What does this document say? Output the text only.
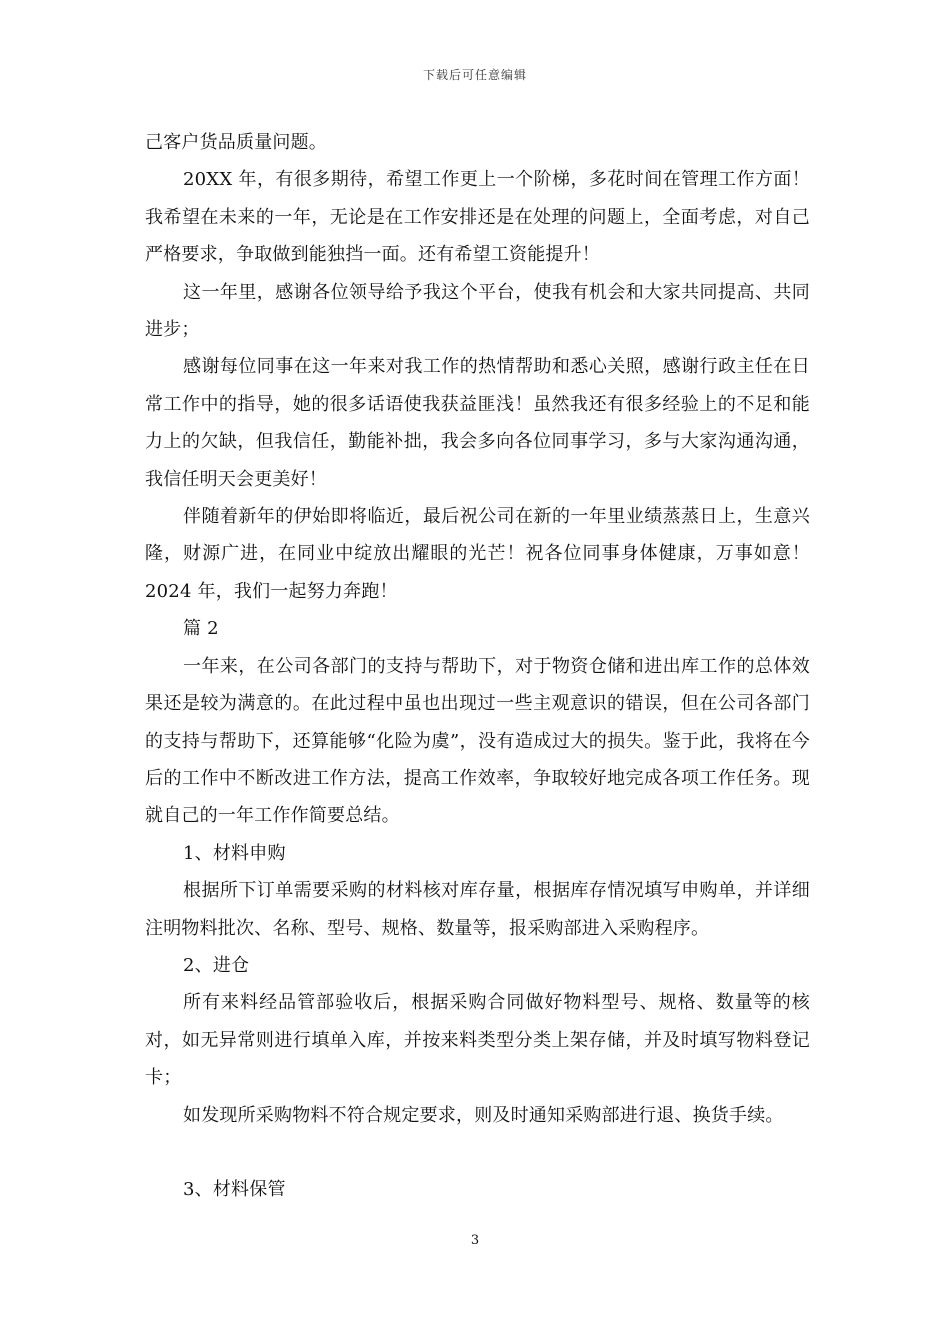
下载后可任意编辑

己客户货品质量问题。

20XX 年，有很多期待，希望工作更上一个阶梯，多花时间在管理工作方面！我希望在未来的一年，无论是在工作安排还是在处理的问题上，全面考虑，对自己严格要求，争取做到能独挡一面。还有希望工资能提升！

这一年里，感谢各位领导给予我这个平台，使我有机会和大家共同提高、共同进步；

感谢每位同事在这一年来对我工作的热情帮助和悉心关照，感谢行政主任在日常工作中的指导，她的很多话语使我获益匪浅！虽然我还有很多经验上的不足和能力上的欠缺，但我信任，勤能补拙，我会多向各位同事学习，多与大家沟通沟通，我信任明天会更美好！

伴随着新年的伊始即将临近，最后祝公司在新的一年里业绩蒸蒸日上，生意兴隆，财源广进，在同业中绽放出耀眼的光芒！祝各位同事身体健康，万事如意！2024 年，我们一起努力奔跑！

篇 2

一年来，在公司各部门的支持与帮助下，对于物资仓储和进出库工作的总体效果还是较为满意的。在此过程中虽也出现过一些主观意识的错误，但在公司各部门的支持与帮助下，还算能够“化险为虞”，没有造成过大的损失。鉴于此，我将在今后的工作中不断改进工作方法，提高工作效率，争取较好地完成各项工作任务。现就自己的一年工作作简要总结。

1、材料申购

根据所下订单需要采购的材料核对库存量，根据库存情况填写申购单，并详细注明物料批次、名称、型号、规格、数量等，报采购部进入采购程序。

2、进仓

所有来料经品管部验收后，根据采购合同做好物料型号、规格、数量等的核对，如无异常则进行填单入库，并按来料类型分类上架存储，并及时填写物料登记卡；

如发现所采购物料不符合规定要求，则及时通知采购部进行退、换货手续。

3、材料保管

3
